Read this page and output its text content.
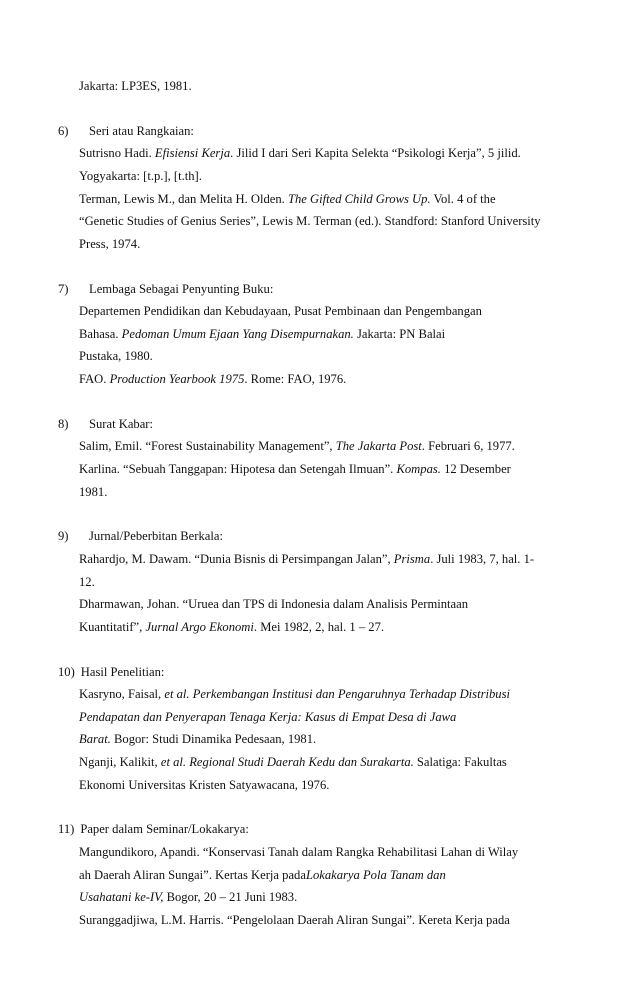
Jakarta: LP3ES, 1981.
6) Seri atau Rangkaian:
Sutrisno Hadi. Efisiensi Kerja. Jilid I dari Seri Kapita Selekta “Psikologi Kerja”, 5 jilid.
Yogyakarta: [t.p.], [t.th].
Terman, Lewis M., dan Melita H. Olden. The Gifted Child Grows Up. Vol. 4 of the
“Genetic Studies of Genius Series”, Lewis M. Terman (ed.). Standford: Stanford University
Press, 1974.
7) Lembaga Sebagai Penyunting Buku:
Departemen Pendidikan dan Kebudayaan, Pusat Pembinaan dan Pengembangan
Bahasa. Pedoman Umum Ejaan Yang Disempurnakan. Jakarta: PN Balai
Pustaka, 1980.
FAO. Production Yearbook 1975. Rome: FAO, 1976.
8) Surat Kabar:
Salim, Emil. “Forest Sustainability Management”, The Jakarta Post. Februari 6, 1977.
Karlina. “Sebuah Tanggapan: Hipotesa dan Setengah Ilmuan”. Kompas. 12 Desember
1981.
9) Jurnal/Peberbitan Berkala:
Rahardjo, M. Dawam. “Dunia Bisnis di Persimpangan Jalan”, Prisma. Juli 1983, 7, hal. 1-
12.
Dharmawan, Johan. “Uruea dan TPS di Indonesia dalam Analisis Permintaan
Kuantitatif”, Jurnal Argo Ekonomi. Mei 1982, 2, hal. 1 – 27.
10) Hasil Penelitian:
Kasryno, Faisal, et al. Perkembangan Institusi dan Pengaruhnya Terhadap Distribusi
Pendapatan dan Penyerapan Tenaga Kerja: Kasus di Empat Desa di Jawa
Barat. Bogor: Studi Dinamika Pedesaan, 1981.
Nganji, Kalikit, et al. Regional Studi Daerah Kedu dan Surakarta. Salatiga: Fakultas
Ekonomi Universitas Kristen Satyawacana, 1976.
11) Paper dalam Seminar/Lokakarya:
Mangundikoro, Apandi. “Konservasi Tanah dalam Rangka Rehabilitasi Lahan di Wilay
ah Daerah Aliran Sungai”. Kertas Kerja padaLokakarya Pola Tanam dan
Usahatani ke-IV, Bogor, 20 – 21 Juni 1983.
Suranggadjiwa, L.M. Harris. “Pengelolaan Daerah Aliran Sungai”. Kereta Kerja pada
